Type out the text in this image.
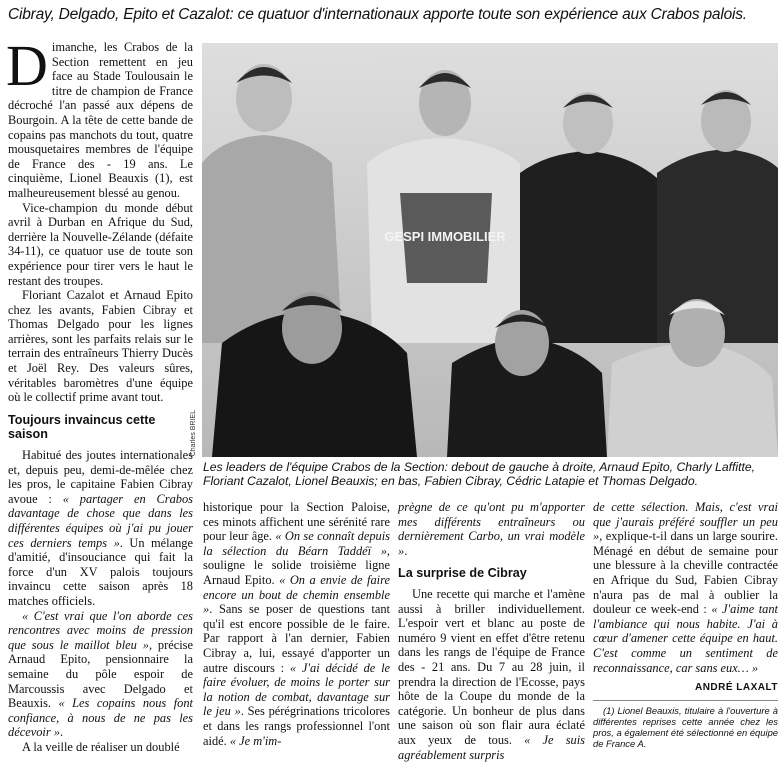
Cibray, Delgado, Epito et Cazalot: ce quatuor d'internationaux apporte toute son expérience aux Crabos palois.

Dimanche, les Crabos de la Section remettent en jeu face au Stade Toulousain le titre de champion de France décroché l'an passé aux dépens de Bourgoin. A la tête de cette bande de copains pas manchots du tout, quatre mousquetaires membres de l'équipe de France des - 19 ans. Le cinquième, Lionel Beauxis (1), est malheureusement blessé au genou.

Vice-champion du monde début avril à Durban en Afrique du Sud, derrière la Nouvelle-Zélande (défaite 34-11), ce quatuor use de toute son expérience pour tirer vers le haut le restant des troupes.

Floriant Cazalot et Arnaud Epito chez les avants, Fabien Cibray et Thomas Delgado pour les lignes arrières, sont les parfaits relais sur le terrain des entraîneurs Thierry Ducès et Joël Rey. Des valeurs sûres, véritables baromètres d'une équipe où le collectif prime avant tout.

Toujours invaincus cette saison

Habitué des joutes internationales et, depuis peu, demi-de-mêlée chez les pros, le capitaine Fabien Cibray avoue : « partager en Crabos davantage de chose que dans les différentes équipes où j'ai pu jouer ces derniers temps ». Un mélange d'amitié, d'insouciance qui fait la force d'un XV palois toujours invaincu cette saison après 18 matches officiels.

« C'est vrai que l'on aborde ces rencontres avec moins de pression que sous le maillot bleu », précise Arnaud Epito, pensionnaire la semaine du pôle espoir de Marcoussis avec Delgado et Beauxis. « Les copains nous font confiance, à nous de ne pas les décevoir ».

A la veille de réaliser un doublé

GESPI IMMOBILIER
Charles BRIEL
Les leaders de l'équipe Crabos de la Section: debout de gauche à droite, Arnaud Epito, Charly Laffitte, Floriant Cazalot, Lionel Beauxis; en bas, Fabien Cibray, Cédric Latapie et Thomas Delgado.

historique pour la Section Paloise, ces minots affichent une sérénité rare pour leur âge. « On se connaît depuis la sélection du Béarn Taddéï », souligne le solide troisième ligne Arnaud Epito. « On a envie de faire encore un bout de chemin ensemble ». Sans se poser de questions tant qu'il est encore possible de le faire. Par rapport à l'an dernier, Fabien Cibray a, lui, essayé d'apporter un autre discours : « J'ai décidé de le faire évoluer, de moins le porter sur la notion de combat, davantage sur le jeu ». Ses pérégrinations tricolores et dans les rangs professionnel l'ont aidé. « Je m'im-

prègne de ce qu'ont pu m'apporter mes différents entraîneurs ou dernièrement Carbo, un vrai modèle ».

La surprise de Cibray

Une recette qui marche et l'amène aussi à briller individuellement. L'espoir vert et blanc au poste de numéro 9 vient en effet d'être retenu dans les rangs de l'équipe de France des - 21 ans. Du 7 au 28 juin, il prendra la direction de l'Ecosse, pays hôte de la Coupe du monde de la catégorie. Un bonheur de plus dans une saison où son flair aura éclaté aux yeux de tous. « Je suis agréablement surpris

de cette sélection. Mais, c'est vrai que j'aurais préféré souffler un peu », explique-t-il dans un large sourire. Ménagé en début de semaine pour une blessure à la cheville contractée en Afrique du Sud, Fabien Cibray n'aura pas de mal à oublier la douleur ce week-end : « J'aime tant l'ambiance qui nous habite. J'ai à cœur d'amener cette équipe en haut. C'est comme un sentiment de reconnaissance, car sans eux… »

ANDRÉ LAXALT
(1) Lionel Beauxis, titulaire à l'ouverture à différentes reprises cette année chez les pros, a également été sélectionné en équipe de France A.
